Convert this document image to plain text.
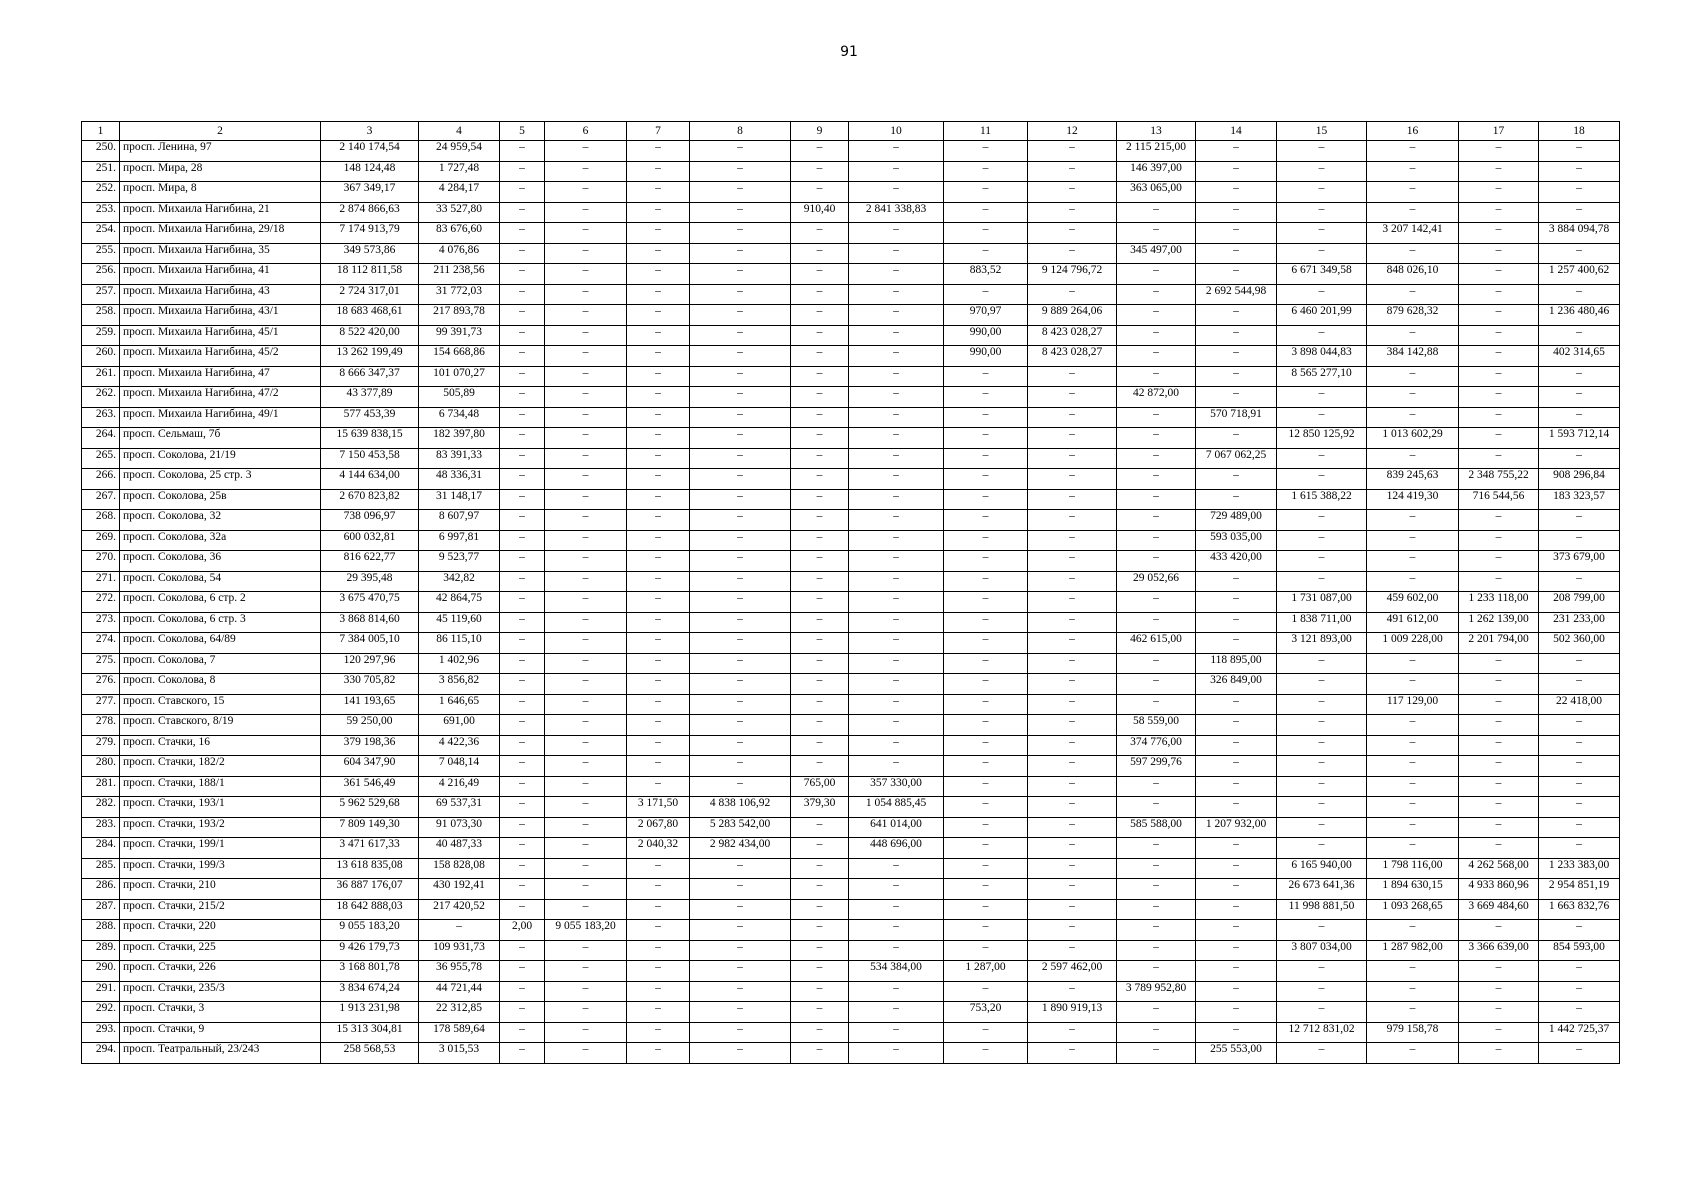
91
1	2	3	4	5	6	7	8	9	10	11	12	13	14	15	16	17	18
250.	просп. Ленина, 97	2 140 174,54	24 959,54	–	–	–	–	–	–	–	–	2 115 215,00	–	–	–	–	–
251.	просп. Мира, 28	148 124,48	1 727,48	–	–	–	–	–	–	–	–	146 397,00	–	–	–	–	–
252.	просп. Мира, 8	367 349,17	4 284,17	–	–	–	–	–	–	–	–	363 065,00	–	–	–	–	–
253.	просп. Михаила Нагибина, 21	2 874 866,63	33 527,80	–	–	–	–	910,40	2 841 338,83	–	–	–	–	–	–	–	–
254.	просп. Михаила Нагибина, 29/18	7 174 913,79	83 676,60	–	–	–	–	–	–	–	–	–	–	–	3 207 142,41	–	3 884 094,78
255.	просп. Михаила Нагибина, 35	349 573,86	4 076,86	–	–	–	–	–	–	–	–	345 497,00	–	–	–	–	–
256.	просп. Михаила Нагибина, 41	18 112 811,58	211 238,56	–	–	–	–	–	–	883,52	9 124 796,72	–	–	6 671 349,58	848 026,10	–	1 257 400,62
257.	просп. Михаила Нагибина, 43	2 724 317,01	31 772,03	–	–	–	–	–	–	–	–	–	2 692 544,98	–	–	–	–
258.	просп. Михаила Нагибина, 43/1	18 683 468,61	217 893,78	–	–	–	–	–	–	970,97	9 889 264,06	–	–	6 460 201,99	879 628,32	–	1 236 480,46
259.	просп. Михаила Нагибина, 45/1	8 522 420,00	99 391,73	–	–	–	–	–	–	990,00	8 423 028,27	–	–	–	–	–	–
260.	просп. Михаила Нагибина, 45/2	13 262 199,49	154 668,86	–	–	–	–	–	–	990,00	8 423 028,27	–	–	3 898 044,83	384 142,88	–	402 314,65
261.	просп. Михаила Нагибина, 47	8 666 347,37	101 070,27	–	–	–	–	–	–	–	–	–	–	8 565 277,10	–	–	–
262.	просп. Михаила Нагибина, 47/2	43 377,89	505,89	–	–	–	–	–	–	–	–	42 872,00	–	–	–	–	–
263.	просп. Михаила Нагибина, 49/1	577 453,39	6 734,48	–	–	–	–	–	–	–	–	–	570 718,91	–	–	–	–
264.	просп. Сельмаш, 7б	15 639 838,15	182 397,80	–	–	–	–	–	–	–	–	–	–	12 850 125,92	1 013 602,29	–	1 593 712,14
265.	просп. Соколова, 21/19	7 150 453,58	83 391,33	–	–	–	–	–	–	–	–	–	7 067 062,25	–	–	–	–
266.	просп. Соколова, 25 стр. 3	4 144 634,00	48 336,31	–	–	–	–	–	–	–	–	–	–	–	839 245,63	2 348 755,22	908 296,84
267.	просп. Соколова, 25в	2 670 823,82	31 148,17	–	–	–	–	–	–	–	–	–	–	1 615 388,22	124 419,30	716 544,56	183 323,57
268.	просп. Соколова, 32	738 096,97	8 607,97	–	–	–	–	–	–	–	–	–	729 489,00	–	–	–	–
269.	просп. Соколова, 32а	600 032,81	6 997,81	–	–	–	–	–	–	–	–	–	593 035,00	–	–	–	–
270.	просп. Соколова, 36	816 622,77	9 523,77	–	–	–	–	–	–	–	–	–	433 420,00	–	–	–	373 679,00
271.	просп. Соколова, 54	29 395,48	342,82	–	–	–	–	–	–	–	–	29 052,66	–	–	–	–	–
272.	просп. Соколова, 6 стр. 2	3 675 470,75	42 864,75	–	–	–	–	–	–	–	–	–	–	1 731 087,00	459 602,00	1 233 118,00	208 799,00
273.	просп. Соколова, 6 стр. 3	3 868 814,60	45 119,60	–	–	–	–	–	–	–	–	–	–	1 838 711,00	491 612,00	1 262 139,00	231 233,00
274.	просп. Соколова, 64/89	7 384 005,10	86 115,10	–	–	–	–	–	–	–	–	462 615,00	–	3 121 893,00	1 009 228,00	2 201 794,00	502 360,00
275.	просп. Соколова, 7	120 297,96	1 402,96	–	–	–	–	–	–	–	–	–	118 895,00	–	–	–	–
276.	просп. Соколова, 8	330 705,82	3 856,82	–	–	–	–	–	–	–	–	–	326 849,00	–	–	–	–
277.	просп. Ставского, 15	141 193,65	1 646,65	–	–	–	–	–	–	–	–	–	–	–	117 129,00	–	22 418,00
278.	просп. Ставского, 8/19	59 250,00	691,00	–	–	–	–	–	–	–	–	58 559,00	–	–	–	–	–
279.	просп. Стачки, 16	379 198,36	4 422,36	–	–	–	–	–	–	–	–	374 776,00	–	–	–	–	–
280.	просп. Стачки, 182/2	604 347,90	7 048,14	–	–	–	–	–	–	–	–	597 299,76	–	–	–	–	–
281.	просп. Стачки, 188/1	361 546,49	4 216,49	–	–	–	–	765,00	357 330,00	–	–	–	–	–	–	–	–
282.	просп. Стачки, 193/1	5 962 529,68	69 537,31	–	–	3 171,50	4 838 106,92	379,30	1 054 885,45	–	–	–	–	–	–	–	–
283.	просп. Стачки, 193/2	7 809 149,30	91 073,30	–	–	2 067,80	5 283 542,00	–	641 014,00	–	–	585 588,00	1 207 932,00	–	–	–	–
284.	просп. Стачки, 199/1	3 471 617,33	40 487,33	–	–	2 040,32	2 982 434,00	–	448 696,00	–	–	–	–	–	–	–	–
285.	просп. Стачки, 199/3	13 618 835,08	158 828,08	–	–	–	–	–	–	–	–	–	–	6 165 940,00	1 798 116,00	4 262 568,00	1 233 383,00
286.	просп. Стачки, 210	36 887 176,07	430 192,41	–	–	–	–	–	–	–	–	–	–	26 673 641,36	1 894 630,15	4 933 860,96	2 954 851,19
287.	просп. Стачки, 215/2	18 642 888,03	217 420,52	–	–	–	–	–	–	–	–	–	–	11 998 881,50	1 093 268,65	3 669 484,60	1 663 832,76
288.	просп. Стачки, 220	9 055 183,20	–	2,00	9 055 183,20	–	–	–	–	–	–	–	–	–	–	–	–
289.	просп. Стачки, 225	9 426 179,73	109 931,73	–	–	–	–	–	–	–	–	–	–	3 807 034,00	1 287 982,00	3 366 639,00	854 593,00
290.	просп. Стачки, 226	3 168 801,78	36 955,78	–	–	–	–	–	534 384,00	1 287,00	2 597 462,00	–	–	–	–	–	–
291.	просп. Стачки, 235/3	3 834 674,24	44 721,44	–	–	–	–	–	–	–	–	3 789 952,80	–	–	–	–	–
292.	просп. Стачки, 3	1 913 231,98	22 312,85	–	–	–	–	–	–	753,20	1 890 919,13	–	–	–	–	–	–
293.	просп. Стачки, 9	15 313 304,81	178 589,64	–	–	–	–	–	–	–	–	–	–	12 712 831,02	979 158,78	–	1 442 725,37
294.	просп. Театральный, 23/243	258 568,53	3 015,53	–	–	–	–	–	–	–	–	–	255 553,00	–	–	–	–
